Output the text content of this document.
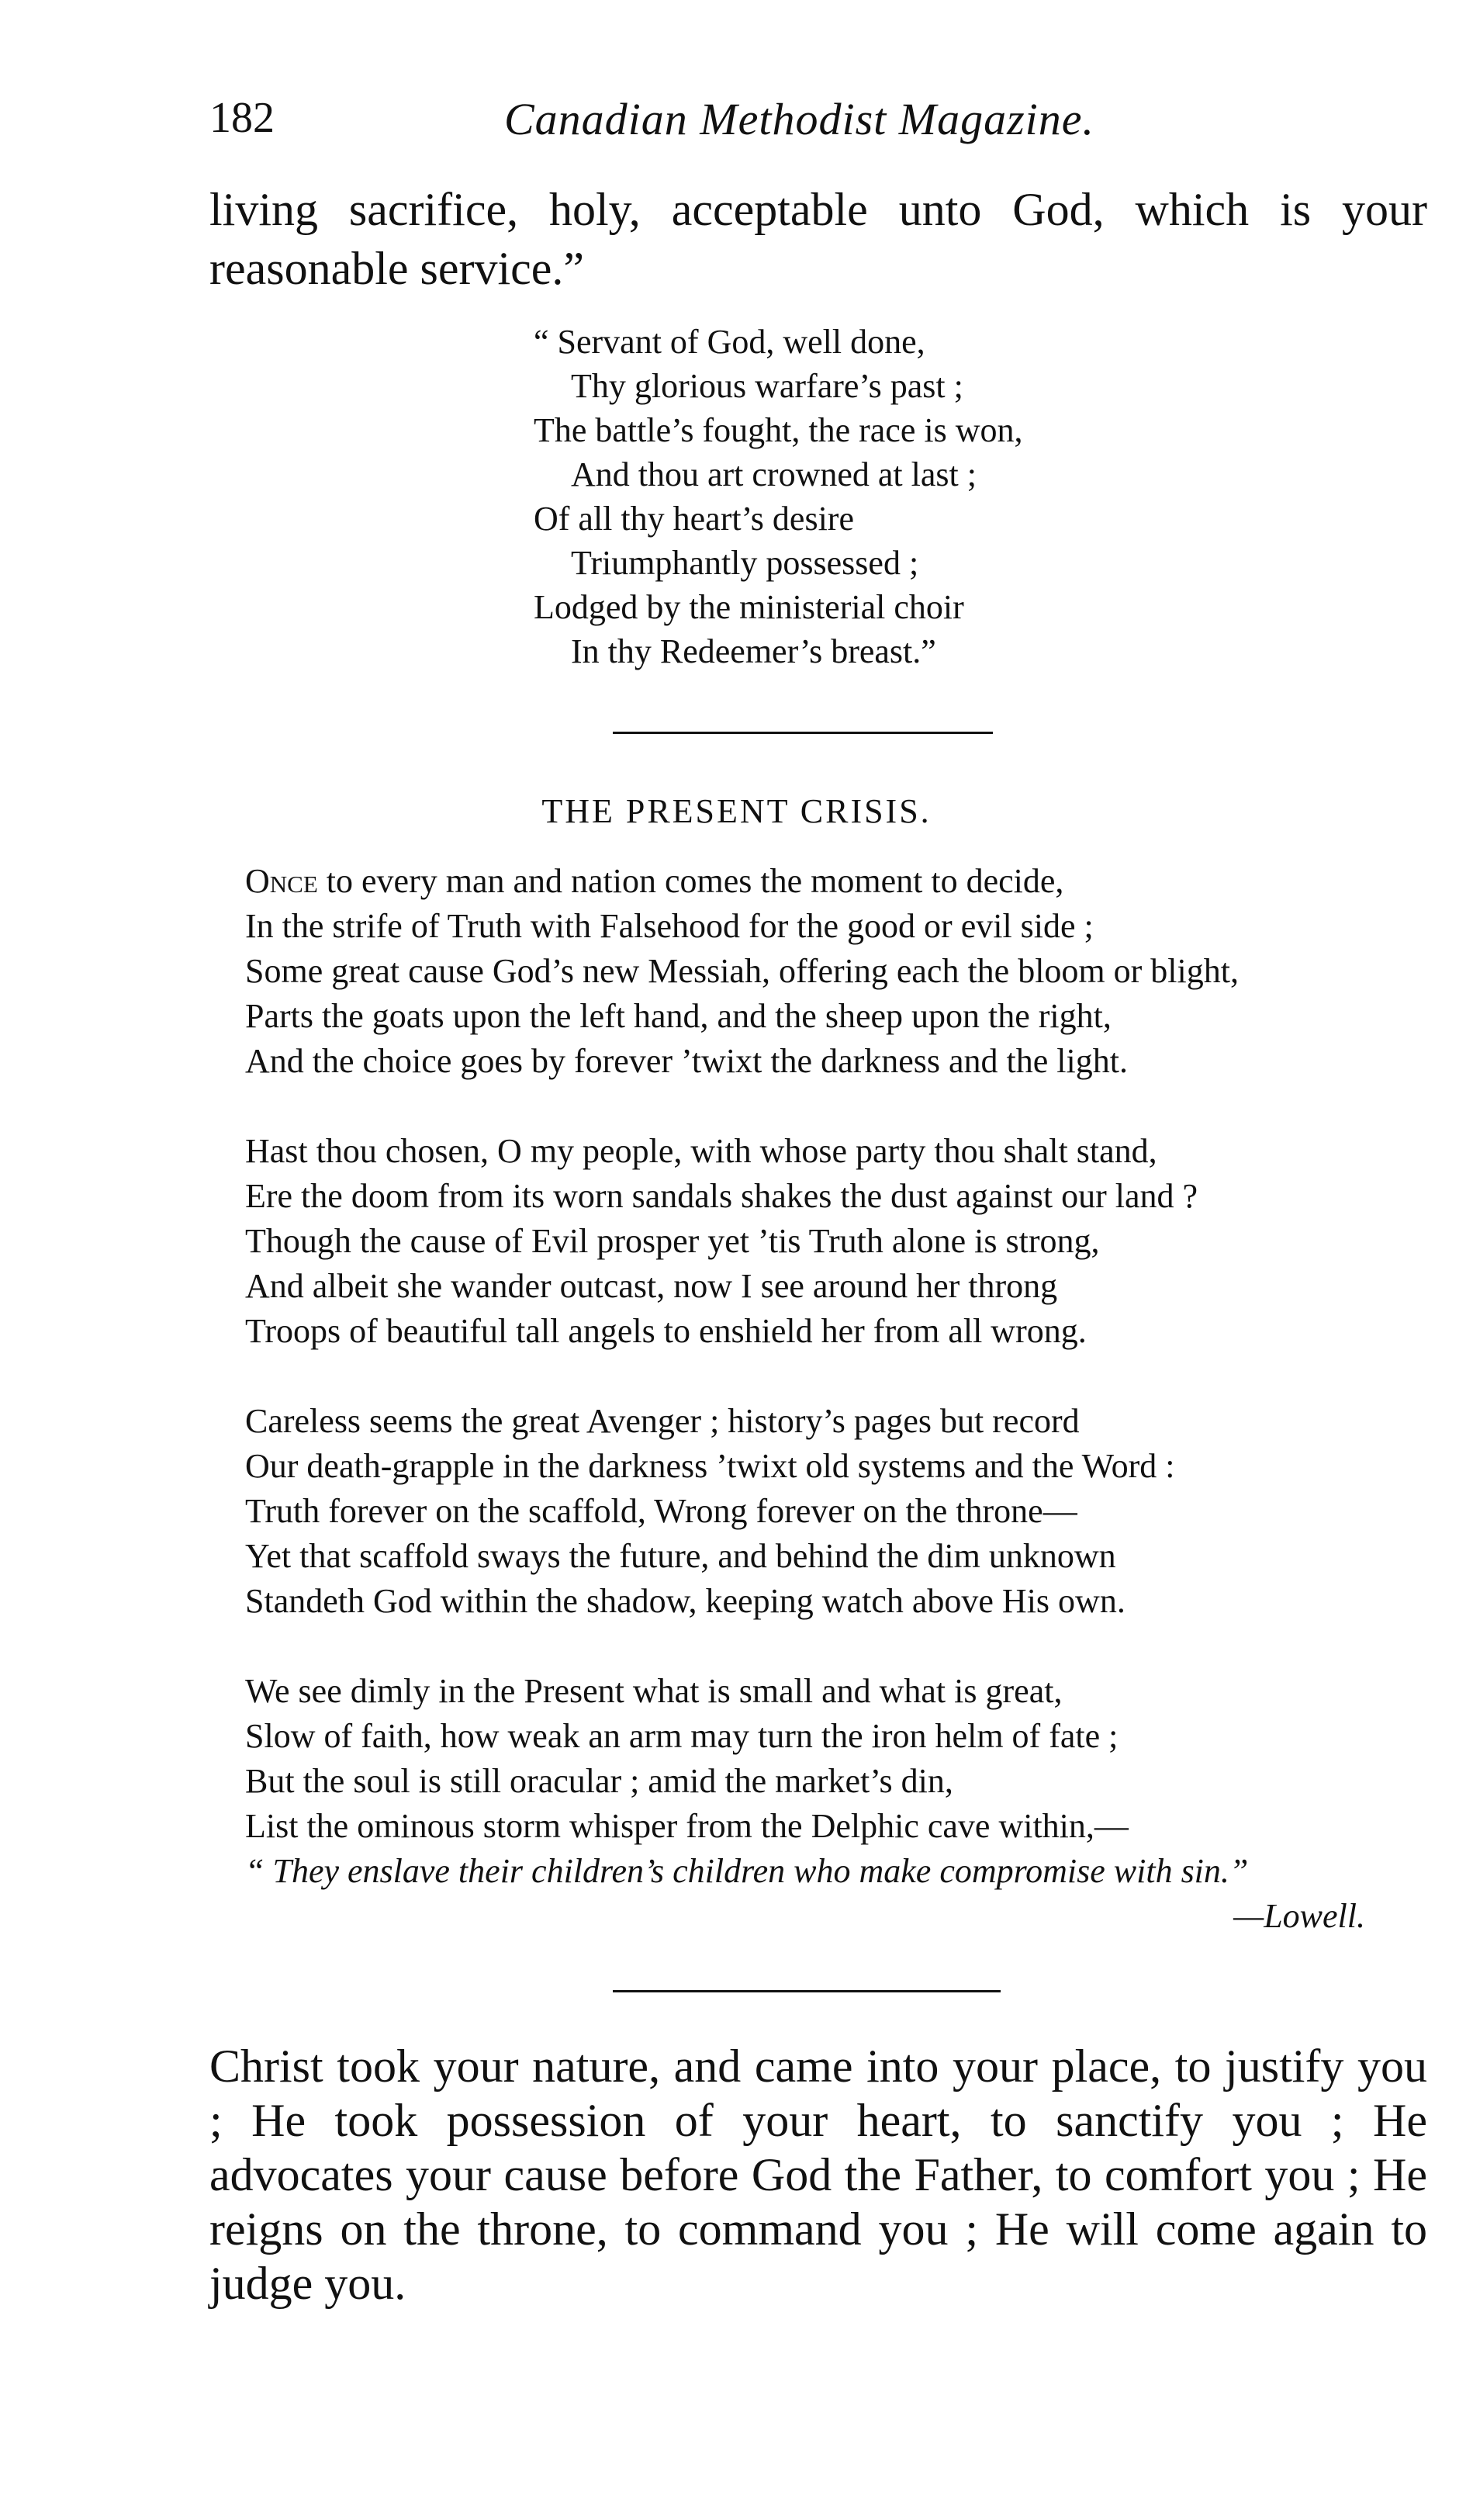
182	Canadian Methodist Magazine.

living sacrifice, holy, acceptable unto God, which is your reasonable service.”

“ Servant of God, well done,
Thy glorious warfare’s past ;
The battle’s fought, the race is won,
And thou art crowned at last ;
Of all thy heart’s desire
Triumphantly possessed ;
Lodged by the ministerial choir
In thy Redeemer’s breast.”
THE PRESENT CRISIS.
Once to every man and nation comes the moment to decide,
In the strife of Truth with Falsehood for the good or evil side ;
Some great cause God’s new Messiah, offering each the bloom or blight,
Parts the goats upon the left hand, and the sheep upon the right,
And the choice goes by forever ’twixt the darkness and the light.
Hast thou chosen, O my people, with whose party thou shalt stand,
Ere the doom from its worn sandals shakes the dust against our land ?
Though the cause of Evil prosper yet ’tis Truth alone is strong,
And albeit she wander outcast, now I see around her throng
Troops of beautiful tall angels to enshield her from all wrong.
Careless seems the great Avenger ; history’s pages but record
Our death-grapple in the darkness ’twixt old systems and the Word :
Truth forever on the scaffold, Wrong forever on the throne—
Yet that scaffold sways the future, and behind the dim unknown
Standeth God within the shadow, keeping watch above His own.
We see dimly in the Present what is small and what is great,
Slow of faith, how weak an arm may turn the iron helm of fate ;
But the soul is still oracular ; amid the market’s din,
List the ominous storm whisper from the Delphic cave within,—
“ They enslave their children’s children who make compromise with sin.”
—Lowell.

Christ took your nature, and came into your place, to justify you ; He took possession of your heart, to sanctify you ; He advocates your cause before God the Father, to comfort you ; He reigns on the throne, to command you ; He will come again to judge you.
